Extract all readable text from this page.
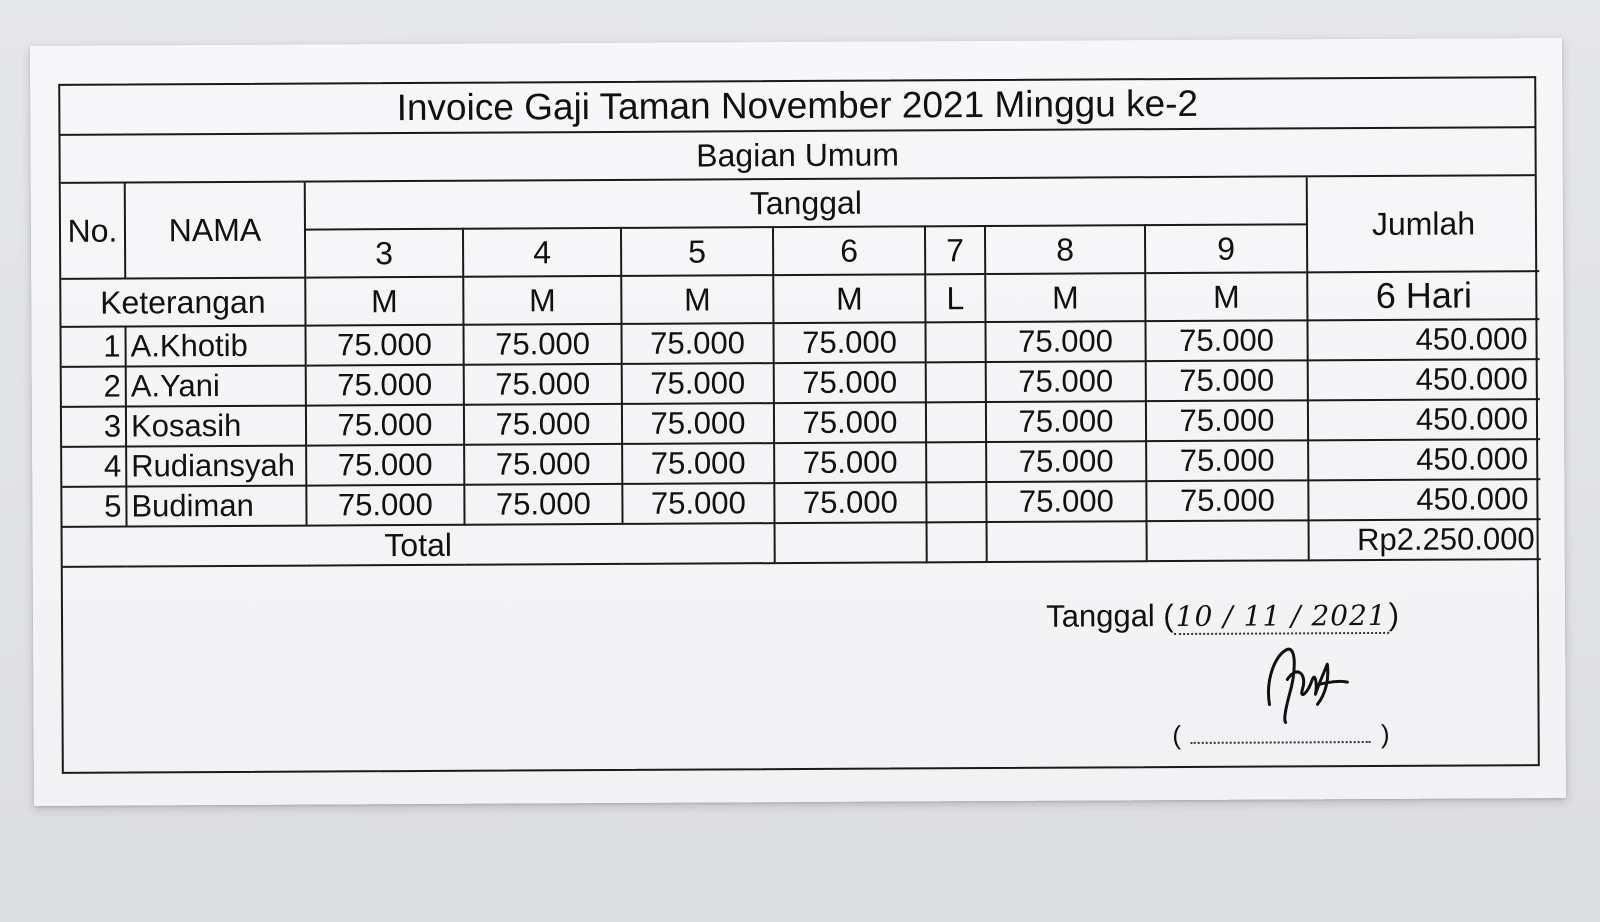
Invoice Gaji Taman November 2021 Minggu ke-2
Bagian Umum
No.	NAMA	Tanggal							Jumlah
		3	4	5	6	7	8	9	
Keterangan		M	M	M	M	L	M	M	6 Hari
1	A.Khotib	75.000	75.000	75.000	75.000		75.000	75.000	450.000
2	A.Yani	75.000	75.000	75.000	75.000		75.000	75.000	450.000
3	Kosasih	75.000	75.000	75.000	75.000		75.000	75.000	450.000
4	Rudiansyah	75.000	75.000	75.000	75.000		75.000	75.000	450.000
5	Budiman	75.000	75.000	75.000	75.000		75.000	75.000	450.000
Total									Rp2.250.000
Tanggal (10 / 11 / 2021)
(	)
